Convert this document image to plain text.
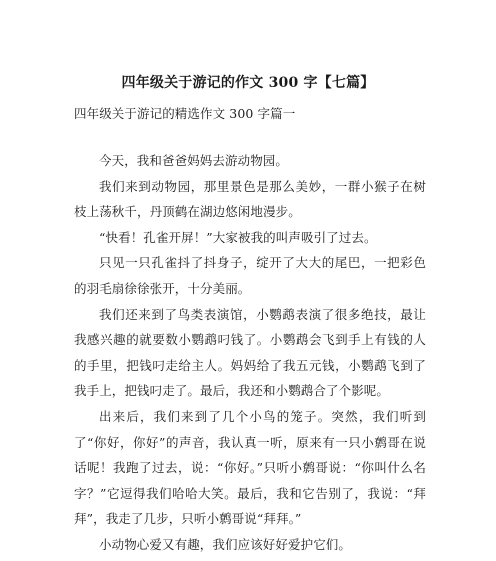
四年级关于游记的作文 300 字【七篇】
四年级关于游记的精选作文 300 字篇一

今天，我和爸爸妈妈去游动物园。

我们来到动物园，那里景色是那么美妙，一群小猴子在树枝上荡秋千，丹顶鹤在湖边悠闲地漫步。

“快看！孔雀开屏！”大家被我的叫声吸引了过去。

只见一只孔雀抖了抖身子，绽开了大大的尾巴，一把彩色的羽毛扇徐徐张开，十分美丽。

我们还来到了鸟类表演馆，小鹦鹉表演了很多绝技，最让我感兴趣的就要数小鹦鹉叼钱了。小鹦鹉会飞到手上有钱的人的手里，把钱叼走给主人。妈妈给了我五元钱，小鹦鹉飞到了我手上，把钱叼走了。最后，我还和小鹦鹉合了个影呢。

出来后，我们来到了几个小鸟的笼子。突然，我们听到了“你好，你好”的声音，我认真一听，原来有一只小鹩哥在说话呢！我跑了过去，说：“你好。”只听小鹩哥说：“你叫什么名字？”它逗得我们哈哈大笑。最后，我和它告别了，我说：“拜拜”，我走了几步，只听小鹩哥说“拜拜。”

小动物心爱又有趣，我们应该好好爱护它们。
